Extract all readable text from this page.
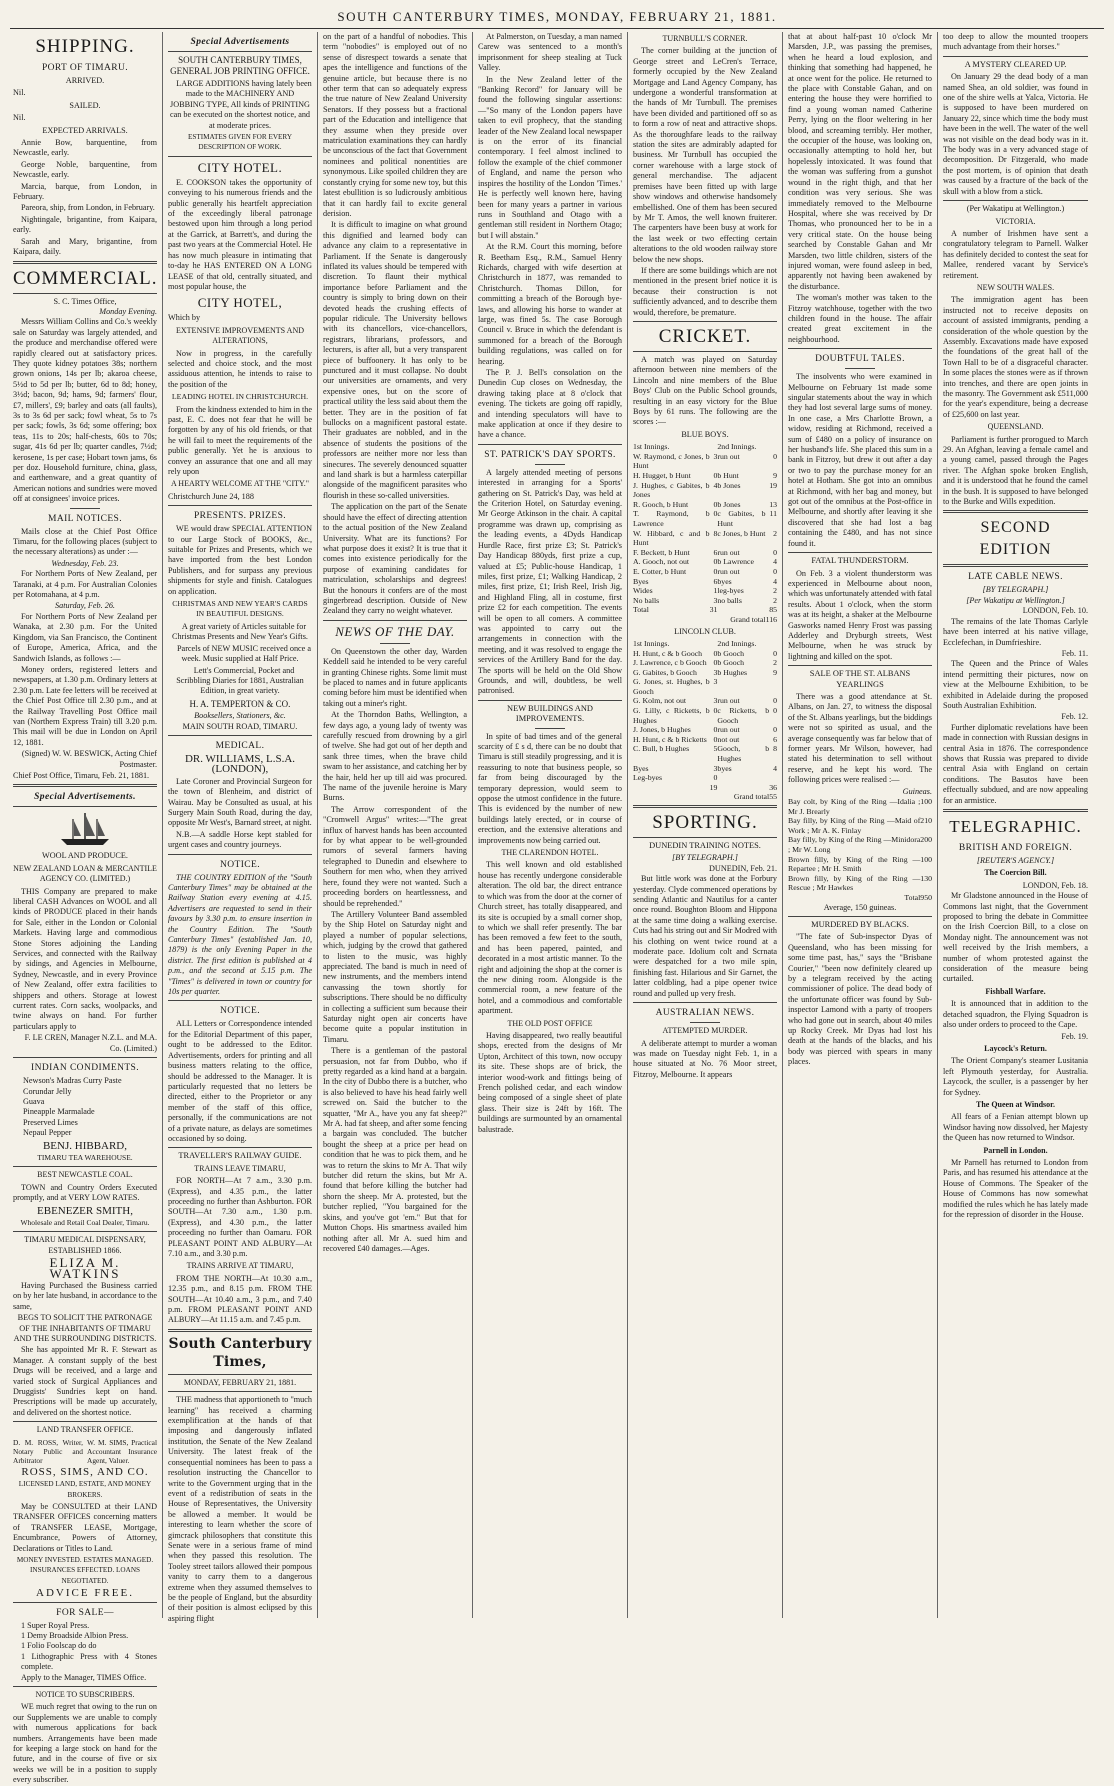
SOUTH CANTERBURY TIMES, MONDAY, FEBRUARY 21, 1881.
SHIPPING.
PORT OF TIMARU.
ARRIVED.

Nil.

SAILED.

Nil.

EXPECTED ARRIVALS.

Annie Bow, barquentine, from Newcastle, early.

George Noble, barquentine, from Newcastle, early.

Marcia, barque, from London, in February.

Pareora, ship, from London, in February.

Nightingale, brigantine, from Kaipara, early.

Sarah and Mary, brigantine, from Kaipara, daily.

COMMERCIAL.
S. C. Times Office,
Monday Evening.

Messrs William Collins and Co.'s weekly sale on Saturday was largely attended, and the produce and merchandise offered were rapidly cleared out at satisfactory prices. They quote kidney potatoes 38s; northern grown onions, 14s per lb; akaroa cheese, 5½d to 5d per lb; butter, 6d to 8d; honey, 3½d; bacon, 9d; hams, 9d; farmers' flour, £7, millers', £9; barley and oats (all faults), 3s to 3s 6d per sack; fowl wheat, 5s to 7s per sack; fowls, 3s 6d; some offering; box teas, 11s to 20s; half-chests, 60s to 70s; sugar, 41s 6d per lb; quarter candles, 7½d; kerosene, 1s per case; Hobart town jams, 6s per doz. Household furniture, china, glass, and earthenware, and a great quantity of American notions and sundries were moved off at consignees' invoice prices.

MAIL NOTICES.

Mails close at the Chief Post Office Timaru, for the following places (subject to the necessary alterations) as under :—

Wednesday, Feb. 23.

For Northern Ports of New Zealand, per Taranaki, at 4 p.m. For Australian Colonies per Rotomahana, at 4 p.m.

Saturday, Feb. 26.

For Northern Ports of New Zealand per Wanaka, at 2.30 p.m. For the United Kingdom, via San Francisco, the Continent of Europe, America, Africa, and the Sandwich Islands, as follows :—

Money orders, registered letters and newspapers, at 1.30 p.m. Ordinary letters at 2.30 p.m. Late fee letters will be received at the Chief Post Office till 2.30 p.m., and at the Railway Travelling Post Office mail van (Northern Express Train) till 3.20 p.m. This mail will be due in London on April 12, 1881.

(Signed) W. W. BESWICK, Acting Chief Postmaster.

Chief Post Office, Timaru, Feb. 21, 1881.

Special Advertisements.
WOOL AND PRODUCE.
NEW ZEALAND LOAN & MERCANTILE AGENCY CO. (LIMITED.)

THIS Company are prepared to make liberal CASH Advances on WOOL and all kinds of PRODUCE placed in their hands for Sale, either in the London or Colonial Markets. Having large and commodious Stone Stores adjoining the Landing Services, and connected with the Railway by sidings, and Agencies in Melbourne, Sydney, Newcastle, and in every Province of New Zealand, offer extra facilities to shippers and others. Storage at lowest current rates. Corn sacks, woolpacks, and twine always on hand. For further particulars apply to

F. LE CREN, Manager N.Z.L. and M.A. Co. (Limited.)

INDIAN CONDIMENTS.
Newson's Madras Curry Paste
Corundar Jelly
Guava
Pineapple Marmalade
Preserved Limes
Nepaul Pepper
BENJ. HIBBARD,
TIMARU TEA WAREHOUSE.
BEST NEWCASTLE COAL.

TOWN and Country Orders Executed promptly, and at VERY LOW RATES.

EBENEZER SMITH,
Wholesale and Retail Coal Dealer, Timaru.
TIMARU MEDICAL DISPENSARY, ESTABLISHED 1866.
ELIZA M. WATKINS

Having Purchased the Business carried on by her late husband, in accordance to the same,

BEGS TO SOLICIT THE PATRONAGE OF THE INHABITANTS OF TIMARU AND THE SURROUNDING DISTRICTS.

She has appointed Mr R. F. Stewart as Manager. A constant supply of the best Drugs will be received, and a large and varied stock of Surgical Appliances and Druggists' Sundries kept on hand. Prescriptions will be made up accurately, and delivered on the shortest notice.

LAND TRANSFER OFFICE.
D. M. ROSS, Writer, Notary Public and Arbitrator
W. M. SIMS, Practical Accountant Insurance Agent, Valuer.
ROSS, SIMS, AND CO.
LICENSED LAND, ESTATE, AND MONEY BROKERS.

May be CONSULTED at their LAND TRANSFER OFFICES concerning matters of TRANSFER LEASE, Mortgage, Encumbrance, Powers of Attorney, Declarations or Titles to Land.

MONEY INVESTED. ESTATES MANAGED. INSURANCES EFFECTED. LOANS NEGOTIATED.

ADVICE FREE.
FOR SALE—
1 Super Royal Press.
1 Demy Broadside Albion Press.
1 Folio Foolscap do do
1 Lithographic Press with 4 Stones complete.

Apply to the Manager, TIMES Office.

NOTICE TO SUBSCRIBERS.

WE much regret that owing to the run on our Supplements we are unable to comply with numerous applications for back numbers. Arrangements have been made for keeping a large stock on hand for the future, and in the course of five or six weeks we will be in a position to supply every subscriber.

Special Advertisements
SOUTH CANTERBURY TIMES, GENERAL JOB PRINTING OFFICE.

LARGE ADDITIONS having lately been made to the MACHINERY AND JOBBING TYPE, All kinds of PRINTING can be executed on the shortest notice, and at moderate prices.

ESTIMATES GIVEN FOR EVERY DESCRIPTION OF WORK.

CITY HOTEL.

E. COOKSON takes the opportunity of conveying to his numerous friends and the public generally his heartfelt appreciation of the exceedingly liberal patronage bestowed upon him through a long period at the Garrick, at Barrett's, and during the past two years at the Commercial Hotel. He has now much pleasure in intimating that to-day he HAS ENTERED ON A LONG LEASE of that old, centrally situated, and most popular house, the

CITY HOTEL,

Which by

EXTENSIVE IMPROVEMENTS AND ALTERATIONS,

Now in progress, in the carefully selected and choice stock, and the most assiduous attention, he intends to raise to the position of the

LEADING HOTEL IN CHRISTCHURCH.

From the kindness extended to him in the past, E. C. does not fear that he will be forgotten by any of his old friends, or that he will fail to meet the requirements of the public generally. Yet he is anxious to convey an assurance that one and all may rely upon

A HEARTY WELCOME AT THE "CITY."

Christchurch June 24, 188

PRESENTS. PRIZES.

WE would draw SPECIAL ATTENTION to our Large Stock of BOOKS, &c., suitable for Prizes and Presents, which we have imported from the best London Publishers, and for surpass any previous shipments for style and finish. Catalogues on application.

CHRISTMAS AND NEW YEAR'S CARDS IN BEAUTIFUL DESIGNS.

A great variety of Articles suitable for Christmas Presents and New Year's Gifts.

Parcels of NEW MUSIC received once a week. Music supplied at Half Price.

Lett's Commercial, Pocket and Scribbling Diaries for 1881, Australian Edition, in great variety.

H. A. TEMPERTON & CO.
Booksellers, Stationers, &c.
MAIN SOUTH ROAD, TIMARU.
MEDICAL.
DR. WILLIAMS, L.S.A. (LONDON),

Late Coroner and Provincial Surgeon for the town of Blenheim, and district of Wairau. May be Consulted as usual, at his Surgery Main South Road, during the day, opposite Mr West's, Barnard street, at night.

N.B.—A saddle Horse kept stabled for urgent cases and country journeys.

NOTICE.

THE COUNTRY EDITION of the "South Canterbury Times" may be obtained at the Railway Station every evening at 4.15. Advertisers are requested to send in their favours by 3.30 p.m. to ensure insertion in the Country Edition. The "South Canterbury Times" (established Jan. 10, 1879) is the only Evening Paper in the district. The first edition is published at 4 p.m., and the second at 5.15 p.m. The "Times" is delivered in town or country for 10s per quarter.

NOTICE.

ALL Letters or Correspondence intended for the Editorial Department of this paper, ought to be addressed to the Editor. Advertisements, orders for printing and all business matters relating to the office, should be addressed to the Manager. It is particularly requested that no letters be directed, either to the Proprietor or any member of the staff of this office, personally, if the communications are not of a private nature, as delays are sometimes occasioned by so doing.

TRAVELLER'S RAILWAY GUIDE.
TRAINS LEAVE TIMARU,

FOR NORTH—At 7 a.m., 3.30 p.m. (Express), and 4.35 p.m., the latter proceeding no further than Ashburton. FOR SOUTH—At 7.30 a.m., 1.30 p.m. (Express), and 4.30 p.m., the latter proceeding no further than Oamaru. FOR PLEASANT POINT AND ALBURY—At 7.10 a.m., and 3.30 p.m.

TRAINS ARRIVE AT TIMARU,

FROM THE NORTH—At 10.30 a.m., 12.35 p.m., and 8.15 p.m. FROM THE SOUTH—At 10.40 a.m., 3 p.m., and 7.40 p.m. FROM PLEASANT POINT AND ALBURY—At 11.15 a.m. and 7.45 p.m.

South Canterbury Times,
MONDAY, FEBRUARY 21, 1881.

THE madness that apportioneth to "much learning" has received a charming exemplification at the hands of that imposing and dangerously inflated institution, the Senate of the New Zealand University. The latest freak of the consequential nominees has been to pass a resolution instructing the Chancellor to write to the Government urging that in the event of a redistribution of seats in the House of Representatives, the University be allowed a member. It would be interesting to learn whether the score of gimcrack philosophers that constitute this Senate were in a serious frame of mind when they passed this resolution. The Tooley street tailors allowed their pompous vanity to carry them to a dangerous extreme when they assumed themselves to be the people of England, but the absurdity of their position is almost eclipsed by this aspiring flight

on the part of a handful of nobodies. This term "nobodies" is employed out of no sense of disrespect towards a senate that apes the intelligence and functions of the genuine article, but because there is no other term that can so adequately express the true nature of New Zealand University Senators. If they possess but a fractional part of the Education and intelligence that they assume when they preside over matriculation examinations they can hardly be unconscious of the fact that Government nominees and political nonentities are synonymous. Like spoiled children they are constantly crying for some new toy, but this latest ebullition is so ludicrously ambitious that it can hardly fail to excite general derision.

It is difficult to imagine on what ground this dignified and learned body can advance any claim to a representative in Parliament. If the Senate is dangerously inflated its values should be tempered with discretion. To flaunt their mythical importance before Parliament and the country is simply to bring down on their devoted heads the crushing effects of popular ridicule. The University bellows with its chancellors, vice-chancellors, registrars, librarians, professors, and lecturers, is after all, but a very transparent piece of buffoonery. It has only to be punctured and it must collapse. No doubt our universities are ornaments, and very expensive ones, but on the score of practical utility the less said about them the better. They are in the position of fat bullocks on a magnificent pastoral estate. Their graduates are nobbled, and in the absence of students the positions of the professors are neither more nor less than sinecures. The severely denounced squatter and land shark is but a harmless caterpillar alongside of the magnificent parasites who flourish in these so-called universities.

The application on the part of the Senate should have the effect of directing attention to the actual position of the New Zealand University. What are its functions? For what purpose does it exist? It is true that it comes into existence periodically for the purpose of examining candidates for matriculation, scholarships and degrees! But the honours it confers are of the most gingerbread description. Outside of New Zealand they carry no weight whatever.

NEWS OF THE DAY.

On Queenstown the other day, Warden Keddell said he intended to be very careful in granting Chinese rights. Some limit must be placed to names and in future applicants coming before him must be identified when taking out a miner's right.

At the Thorndon Baths, Wellington, a few days ago, a young lady of twenty was carefully rescued from drowning by a girl of twelve. She had got out of her depth and sank three times, when the brave child swam to her assistance, and catching her by the hair, held her up till aid was procured. The name of the juvenile heroine is Mary Burns.

The Arrow correspondent of the "Cromwell Argus" writes:—"The great influx of harvest hands has been accounted for by what appear to be well-grounded rumors of several farmers having telegraphed to Dunedin and elsewhere to Southern for men who, when they arrived here, found they were not wanted. Such a proceeding borders on heartlessness, and should be reprehended."

The Artillery Volunteer Band assembled by the Ship Hotel on Saturday night and played a number of popular selections, which, judging by the crowd that gathered to listen to the music, was highly appreciated. The band is much in need of new instruments, and the members intend canvassing the town shortly for subscriptions. There should be no difficulty in collecting a sufficient sum because their Saturday night open air concerts have become quite a popular institution in Timaru.

There is a gentleman of the pastoral persuasion, not far from Dubbo, who if pretty regarded as a kind hand at a bargain. In the city of Dubbo there is a butcher, who is also believed to have his head fairly well screwed on. Said the butcher to the squatter, "Mr A., have you any fat sheep?" Mr A. had fat sheep, and after some fencing a bargain was concluded. The butcher bought the sheep at a price per head on condition that he was to pick them, and he was to return the skins to Mr A. That wily butcher did return the skins, but Mr A. found that before killing the butcher had shorn the sheep. Mr A. protested, but the butcher replied, "You bargained for the skins, and you've got 'em." But that for Mutton Chops. His smartness availed him nothing after all. Mr A. sued him and recovered £40 damages.—Ages.

At Palmerston, on Tuesday, a man named Carew was sentenced to a month's imprisonment for sheep stealing at Tuck Valley.

In the New Zealand letter of the "Banking Record" for January will be found the following singular assertions:—"So many of the London papers have taken to evil prophecy, that the standing leader of the New Zealand local newspaper is on the error of its financial contemporary. I feel almost inclined to follow the example of the chief commoner of England, and name the person who inspires the hostility of the London 'Times.' He is perfectly well known here, having been for many years a partner in various runs in Southland and Otago with a gentleman still resident in Northern Otago; but I will abstain."

At the R.M. Court this morning, before R. Beetham Esq., R.M., Samuel Henry Richards, charged with wife desertion at Christchurch in 1877, was remanded to Christchurch. Thomas Dillon, for committing a breach of the Borough bye-laws, and allowing his horse to wander at large, was fined 5s. The case Borough Council v. Bruce in which the defendant is summoned for a breach of the Borough building regulations, was called on for hearing.

The P. J. Bell's consolation on the Dunedin Cup closes on Wednesday, the drawing taking place at 8 o'clock that evening. The tickets are going off rapidly, and intending speculators will have to make application at once if they desire to have a chance.

ST. PATRICK'S DAY SPORTS.

A largely attended meeting of persons interested in arranging for a Sports' gathering on St. Patrick's Day, was held at the Criterion Hotel, on Saturday evening. Mr George Atkinson in the chair. A capital programme was drawn up, comprising as the leading events, a 4Dyds Handicap Hurdle Race, first prize £3; St. Patrick's Day Handicap 880yds, first prize a cup, valued at £5; Public-house Handicap, 1 miles, first prize, £1; Walking Handicap, 2 miles, first prize, £1; Irish Reel, Irish Jig, and Highland Fling, all in costume, first prize £2 for each competition. The events will be open to all comers. A committee was appointed to carry out the arrangements in connection with the meeting, and it was resolved to engage the services of the Artillery Band for the day. The sports will be held on the Old Show Grounds, and will, doubtless, be well patronised.

NEW BUILDINGS AND IMPROVEMENTS.

In spite of bad times and of the general scarcity of £ s d, there can be no doubt that Timaru is still steadily progressing, and it is reassuring to note that business people, so far from being discouraged by the temporary depression, would seem to oppose the utmost confidence in the future. This is evidenced by the number of new buildings lately erected, or in course of erection, and the extensive alterations and improvements now being carried out.

THE CLARENDON HOTEL.

This well known and old established house has recently undergone considerable alteration. The old bar, the direct entrance to which was from the door at the corner of Church street, has totally disappeared, and its site is occupied by a small corner shop, to which we shall refer presently. The bar has been removed a few feet to the south, and has been papered, painted, and decorated in a most artistic manner. To the right and adjoining the shop at the corner is the new dining room. Alongside is the commercial room, a new feature of the hotel, and a commodious and comfortable apartment.

THE OLD POST OFFICE

Having disappeared, two really beautiful shops, erected from the designs of Mr Upton, Architect of this town, now occupy its site. These shops are of brick, the interior wood-work and fittings being of French polished cedar, and each window being composed of a single sheet of plate glass. Their size is 24ft by 16ft. The buildings are surmounted by an ornamental balustrade.

TURNBULL'S CORNER.

The corner building at the junction of George street and LeCren's Terrace, formerly occupied by the New Zealand Mortgage and Land Agency Company, has undergone a wonderful transformation at the hands of Mr Turnbull. The premises have been divided and partitioned off so as to form a row of neat and attractive shops. As the thoroughfare leads to the railway station the sites are admirably adapted for business. Mr Turnbull has occupied the corner warehouse with a large stock of general merchandise. The adjacent premises have been fitted up with large show windows and otherwise handsomely embellished. One of them has been secured by Mr T. Amos, the well known fruiterer. The carpenters have been busy at work for the last week or two effecting certain alterations to the old wooden railway store below the new shops.

If there are some buildings which are not mentioned in the present brief notice it is because their construction is not sufficiently advanced, and to describe them would, therefore, be premature.

CRICKET.

A match was played on Saturday afternoon between nine members of the Lincoln and nine members of the Blue Boys' Club on the Public School grounds, resulting in an easy victory for the Blue Boys by 61 runs. The following are the scores :—

BLUE BOYS.
1st Innings.		2nd Innings.	
W. Raymond, c Jones, b Hunt	3	run out	0
H. Hugget, b Hunt	0	b Hunt	9
J. Hughes, c Gabites, b Jones	4	b Jones	19
R. Gooch, b Hunt	0	b Jones	13
T. Raymond, b Lawrence	0	c Gabites, b Hunt	11
W. Hibbard, c and b Hunt	8	c Jones, b Hunt	2
F. Beckett, b Hunt	6	run out	0
A. Gooch, not out	0	b Lawrence	4
E. Cotter, b Hunt	0	run out	0
Byes	6	byes	4
Wides	1	leg-byes	2
No balls	3	no balls	2
Total	31		85
		Grand total	116
LINCOLN CLUB.
1st Innings.		2nd Innings.	
H. Hunt, c & b Gooch	0	b Gooch	0
J. Lawrence, c b Gooch	0	b Gooch	2
G. Gabites, b Gooch	3	b Hughes	9
G. Jones, st. Hughes, b Gooch	3		
G. Kolm, not out	3	run out	0
G. Lilly, c Ricketts, b Hughes	0	c Ricketts, b Gooch	0
J. Jones, b Hughes	0	run out	0
H. Hunt, c & b Ricketts	0	not out	6
C. Bull, b Hughes	5	Gooch, b Hughes	8
Byes	3	byes	4
Leg-byes	0		
	19		36
		Grand total	55
SPORTING.
DUNEDIN TRAINING NOTES.
[BY TELEGRAPH.]
DUNEDIN, Feb. 21.

But little work was done at the Forbury yesterday. Clyde commenced operations by sending Atlantic and Nautilus for a canter once round. Boughton Bloom and Hippona at the same time doing a walking exercise. Cuts had his string out and Sir Modred with his clothing on went twice round at a moderate pace. Idolium colt and Scrnata were despatched for a two mile spin, finishing fast. Hilarious and Sir Garnet, the latter coldbling, had a pipe opener twice round and pulled up very fresh.

AUSTRALIAN NEWS.
ATTEMPTED MURDER.

A deliberate attempt to murder a woman was made on Tuesday night Feb. 1, in a house situated at No. 76 Moor street, Fitzroy, Melbourne. It appears

that at about half-past 10 o'clock Mr Marsden, J.P., was passing the premises, when he heard a loud explosion, and thinking that something had happened, he at once went for the police. He returned to the place with Constable Gahan, and on entering the house they were horrified to find a young woman named Catherine Perry, lying on the floor weltering in her blood, and screaming terribly. Her mother, the occupier of the house, was looking on, occasionally attempting to hold her, but hopelessly intoxicated. It was found that the woman was suffering from a gunshot wound in the right thigh, and that her condition was very serious. She was immediately removed to the Melbourne Hospital, where she was received by Dr Thomas, who pronounced her to be in a very critical state. On the house being searched by Constable Gahan and Mr Marsden, two little children, sisters of the injured woman, were found asleep in bed, apparently not having been awakened by the disturbance.

The woman's mother was taken to the Fitzroy watchhouse, together with the two children found in the house. The affair created great excitement in the neighbourhood.

DOUBTFUL TALES.

The insolvents who were examined in Melbourne on February 1st made some singular statements about the way in which they had lost several large sums of money. In one case, a Mrs Charlotte Brown, a widow, residing at Richmond, received a sum of £480 on a policy of insurance on her husband's life. She placed this sum in a bank in Fitzroy, but drew it out after a day or two to pay the purchase money for an hotel at Hotham. She got into an omnibus at Richmond, with her bag and money, but got out of the omnibus at the Post-office in Melbourne, and shortly after leaving it she discovered that she had lost a bag containing the £480, and has not since found it.

FATAL THUNDERSTORM.

On Feb. 3 a violent thunderstorm was experienced in Melbourne about noon, which was unfortunately attended with fatal results. About 1 o'clock, when the storm was at its height, a shaker at the Melbourne Gasworks named Henry Frost was passing Adderley and Dryburgh streets, West Melbourne, when he was struck by lightning and killed on the spot.

SALE OF THE ST. ALBANS YEARLINGS

There was a good attendance at St. Albans, on Jan. 27, to witness the disposal of the St. Albans yearlings, but the biddings were not so spirited as usual, and the average consequently was far below that of former years. Mr Wilson, however, had stated his determination to sell without reserve, and he kept his word. The following prices were realised :—

Guineas.
Bay colt, by King of the Ring —Idalia ; Mr J. Brearly	100
Bay filly, by King of the Ring —Maid of Work ; Mr A. K. Finlay	210
Bay filly, by King of the Ring —Minidora ; Mr W. Long	200
Brown filly, by King of the Ring —Repartee ; Mr H. Smith	100
Brown filly, by King of the Ring —Rescue ; Mr Hawkes	130
Total	950
Average, 150 guineas.
MURDERED BY BLACKS.

"The fate of Sub-inspector Dyas of Queensland, who has been missing for some time past, has," says the "Brisbane Courier," "been now definitely cleared up by a telegram received by the acting commissioner of police. The dead body of the unfortunate officer was found by Sub-inspector Lamond with a party of troopers who had gone out in search, about 40 miles up Rocky Creek. Mr Dyas had lost his death at the hands of the blacks, and his body was pierced with spears in many places.

too deep to allow the mounted troopers much advantage from their horses."

A MYSTERY CLEARED UP.

On January 29 the dead body of a man named Shea, an old soldier, was found in one of the shire wells at Yalca, Victoria. He is supposed to have been murdered on January 22, since which time the body must have been in the well. The water of the well was not visible on the dead body was in it. The body was in a very advanced stage of decomposition. Dr Fitzgerald, who made the post mortem, is of opinion that death was caused by a fracture of the back of the skull with a blow from a stick.

(Per Wakatipu at Wellington.)
VICTORIA.

A number of Irishmen have sent a congratulatory telegram to Parnell. Walker has definitely decided to contest the seat for Mallee, rendered vacant by Service's retirement.

NEW SOUTH WALES.

The immigration agent has been instructed not to receive deposits on account of assisted immigrants, pending a consideration of the whole question by the Assembly. Excavations made have exposed the foundations of the great hall of the Town Hall to be of a disgraceful character. In some places the stones were as if thrown into trenches, and there are open joints in the masonry. The Government ask £511,000 for the year's expenditure, being a decrease of £25,600 on last year.

QUEENSLAND.

Parliament is further prorogued to March 29. An Afghan, leaving a female camel and a young camel, passed through the Pages river. The Afghan spoke broken English, and it is understood that he found the camel in the bush. It is supposed to have belonged to the Burke and Wills expedition.

SECOND EDITION
LATE CABLE NEWS.
[BY TELEGRAPH.]
[Per Wakatipu at Wellington.]
LONDON, Feb. 10.

The remains of the late Thomas Carlyle have been interred at his native village, Ecclefechan, in Dumfrieshire.

Feb. 11.

The Queen and the Prince of Wales intend permitting their pictures, now on view at the Melbourne Exhibition, to be exhibited in Adelaide during the proposed South Australian Exhibition.

Feb. 12.

Further diplomatic revelations have been made in connection with Russian designs in central Asia in 1876. The correspondence shows that Russia was prepared to divide central Asia with England on certain conditions. The Basutos have been effectually subdued, and are now appealing for an armistice.

TELEGRAPHIC.
BRITISH AND FOREIGN.
[REUTER'S AGENCY.]
The Coercion Bill.
LONDON, Feb. 18.

Mr Gladstone announced in the House of Commons last night, that the Government proposed to bring the debate in Committee on the Irish Coercion Bill, to a close on Monday night. The announcement was not well received by the Irish members, a number of whom protested against the consideration of the measure being curtailed.

Fishball Warfare.

It is announced that in addition to the detached squadron, the Flying Squadron is also under orders to proceed to the Cape.

Feb. 19.
Laycock's Return.

The Orient Company's steamer Lusitania left Plymouth yesterday, for Australia. Laycock, the sculler, is a passenger by her for Sydney.

The Queen at Windsor.

All fears of a Fenian attempt blown up Windsor having now dissolved, her Majesty the Queen has now returned to Windsor.

Parnell in London.

Mr Parnell has returned to London from Paris, and has resumed his attendance at the House of Commons. The Speaker of the House of Commons has now somewhat modified the rules which he has lately made for the repression of disorder in the House.
